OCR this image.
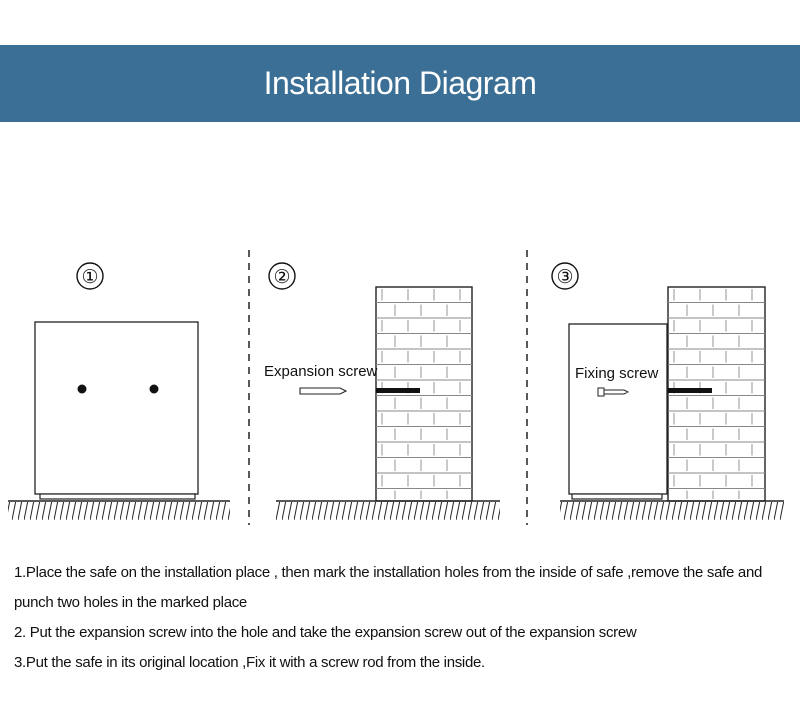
Installation Diagram
①	②
Expansion screw
③
Fixing screw

1.Place the safe on the installation place , then mark the installation holes from the inside of safe ,remove the safe and punch two holes in the marked place

2. Put the expansion screw into the hole and take the expansion screw out of the expansion screw

3.Put the safe in its original location ,Fix it with a screw rod from the inside.
